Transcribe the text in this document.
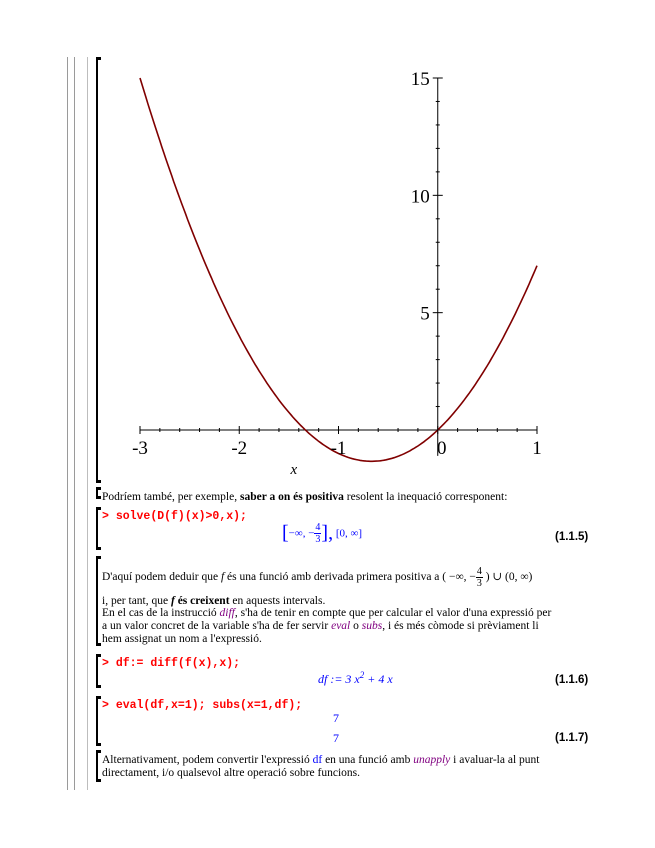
-3	-2	-1	0	1
5
10
15
x
Podríem també, per exemple, saber a on és positiva resolent la inequació corresponent:
> solve(D(f)(x)>0,x);
[−∞, − $\frac{4}{3}$ ], [0, ∞]	(1.1.5)
D'aquí podem deduir que f és una funció amb derivada primera positiva a ( −∞, − $\frac{4}{3}$ ) ∪ (0, ∞)
i, per tant, que f és creixent en aquests intervals.
En el cas de la instrucció diff, s'ha de tenir en compte que per calcular el valor d'una expressió per
a un valor concret de la variable s'ha de fer servir eval o subs, i és més còmode si prèviament li
hem assignat un nom a l'expressió.
> df:= diff(f(x),x);
df := 3 $x^2 + 4$ x	(1.1.6)
> eval(df,x=1); subs(x=1,df);
7
7	(1.1.7)
Alternativament, podem convertir l'expressió df en una funció amb unapply i avaluar-la al punt
directament, i/o qualsevol altre operació sobre funcions.
